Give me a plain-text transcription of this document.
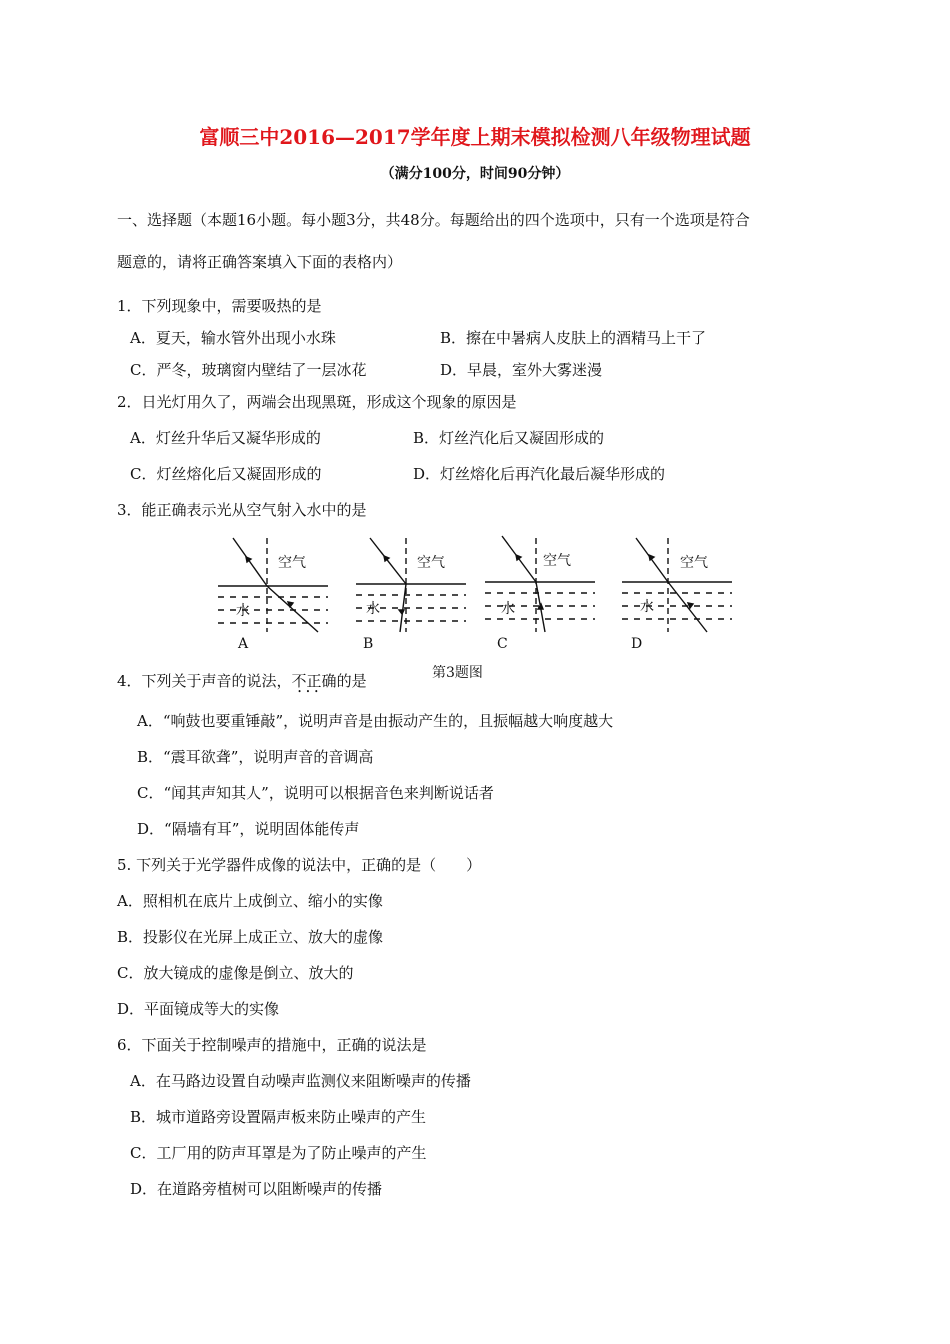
富顺三中2016—2017学年度上期末模拟检测八年级物理试题
（满分100分，时间90分钟）
一、选择题（本题16小题。每小题3分，共48分。每题给出的四个选项中，只有一个选项是符合
题意的，请将正确答案填入下面的表格内）
1．下列现象中，需要吸热的是
A．夏天，输水管外出现小水珠	B．擦在中暑病人皮肤上的酒精马上干了
C．严冬，玻璃窗内壁结了一层冰花	D．早晨，室外大雾迷漫
2．日光灯用久了，两端会出现黑斑，形成这个现象的原因是
A．灯丝升华后又凝华形成的	B．灯丝汽化后又凝固形成的
C．灯丝熔化后又凝固形成的	D．灯丝熔化后再汽化最后凝华形成的
3．能正确表示光从空气射入水中的是
空气
水
空气
水
空气
水
空气
水
A	B	C	D
第3题图
4．下列关于声音的说法，不正确 • • •的是
A．“响鼓也要重锤敲”，说明声音是由振动产生的，且振幅越大响度越大
B．“震耳欲聋”，说明声音的音调高
C．“闻其声知其人”，说明可以根据音色来判断说话者
D．“隔墙有耳”，说明固体能传声
5. 下列关于光学器件成像的说法中，正确的是（　　）
A．照相机在底片上成倒立、缩小的实像
B．投影仪在光屏上成正立、放大的虚像
C．放大镜成的虚像是倒立、放大的
D．平面镜成等大的实像
6．下面关于控制噪声的措施中，正确的说法是
A．在马路边设置自动噪声监测仪来阻断噪声的传播
B．城市道路旁设置隔声板来防止噪声的产生
C．工厂用的防声耳罩是为了防止噪声的产生
D．在道路旁植树可以阻断噪声的传播
